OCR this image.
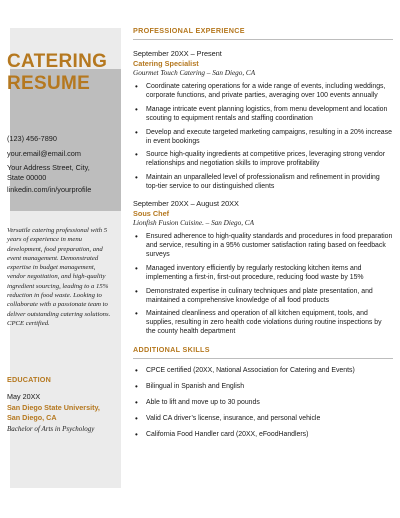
CATERING
RESUME
(123) 456-7890
your.email@email.com
Your Address Street, City, State 00000
linkedin.com/in/yourprofile
Versatile catering professional with 5 years of experience in menu development, food preparation, and event management. Demonstrated expertise in budget management, vendor negotiation, and high-quality ingredient sourcing, leading to a 15% reduction in food waste. Looking to collaborate with a passionate team to deliver outstanding catering solutions. CPCE certified.
EDUCATION
May 20XX
San Diego State University, San Diego, CA
Bachelor of Arts in Psychology
PROFESSIONAL EXPERIENCE
September 20XX – Present
Catering Specialist
Gourmet Touch Catering – San Diego, CA
• Coordinate catering operations for a wide range of events, including weddings, corporate functions, and private parties, averaging over 100 events annually
• Manage intricate event planning logistics, from menu development and location scouting to equipment rentals and staffing coordination
• Develop and execute targeted marketing campaigns, resulting in a 20% increase in event bookings
• Source high-quality ingredients at competitive prices, leveraging strong vendor relationships and negotiation skills to improve profitability
• Maintain an unparalleled level of professionalism and refinement in providing top-tier service to our distinguished clients
September 20XX – August 20XX
Sous Chef
Lionfish Fusion Cuisine. – San Diego, CA
• Ensured adherence to high-quality standards and procedures in food preparation and service, resulting in a 95% customer satisfaction rating based on feedback surveys
• Managed inventory efficiently by regularly restocking kitchen items and implementing a first-in, first-out procedure, reducing food waste by 15%
• Demonstrated expertise in culinary techniques and plate presentation, and maintained a comprehensive knowledge of all food products
• Maintained cleanliness and operation of all kitchen equipment, tools, and supplies, resulting in zero health code violations during routine inspections by the county health department
ADDITIONAL SKILLS
• CPCE certified (20XX, National Association for Catering and Events)
• Bilingual in Spanish and English
• Able to lift and move up to 30 pounds
• Valid CA driver’s license, insurance, and personal vehicle
• California Food Handler card (20XX, eFoodHandlers)
